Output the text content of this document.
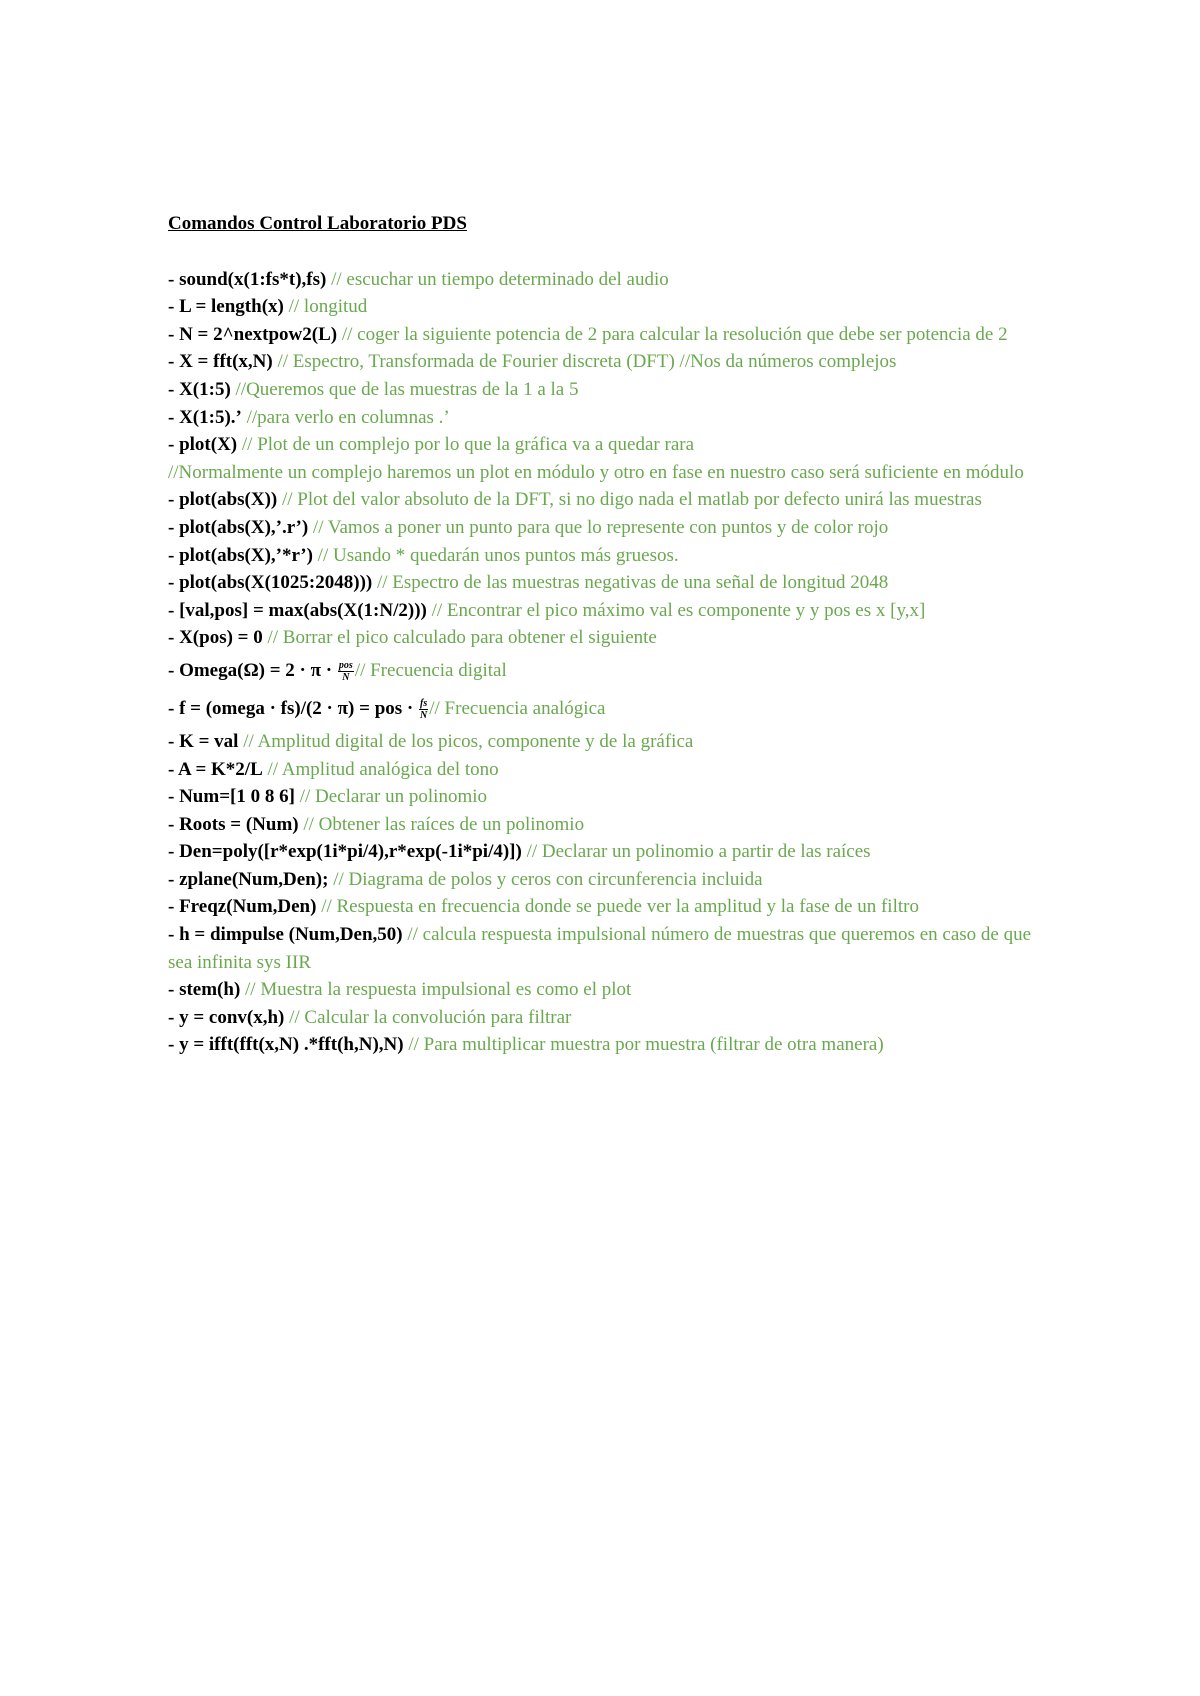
Comandos Control Laboratorio PDS
- sound(x(1:fs*t),fs) // escuchar un tiempo determinado del audio
- L = length(x) // longitud
- N = 2^nextpow2(L) // coger la siguiente potencia de 2 para calcular la resolución que debe ser potencia de 2
- X = fft(x,N) // Espectro, Transformada de Fourier discreta (DFT) //Nos da números complejos
- X(1:5) //Queremos que de las muestras de la 1 a la 5
- X(1:5).’ //para verlo en columnas .’
- plot(X) // Plot de un complejo por lo que la gráfica va a quedar rara
//Normalmente un complejo haremos un plot en módulo y otro en fase en nuestro caso será suficiente en módulo
- plot(abs(X)) // Plot del valor absoluto de la DFT, si no digo nada el matlab por defecto unirá las muestras
- plot(abs(X),’.r’) // Vamos a poner un punto para que lo represente con puntos y de color rojo
- plot(abs(X),’*r’) // Usando * quedarán unos puntos más gruesos.
- plot(abs(X(1025:2048))) // Espectro de las muestras negativas de una señal de longitud 2048
- [val,pos] = max(abs(X(1:N/2))) // Encontrar el pico máximo val es componente y y pos es x [y,x]
- X(pos) = 0 // Borrar el pico calculado para obtener el siguiente
- Omega(Ω) = $2 \cdot \pi \cdot \frac{\text{pos}}{N}$ // Frecuencia digital
- f = (omega · fs)/(2 · π) = pos · $\frac{fs}{N}$ // Frecuencia analógica
- K = val // Amplitud digital de los picos, componente y de la gráfica
- A = K*2/L // Amplitud analógica del tono
- Num=[1 0 8 6] // Declarar un polinomio
- Roots = (Num) // Obtener las raíces de un polinomio
- Den=poly([r*exp(1i*pi/4),r*exp(-1i*pi/4)]) // Declarar un polinomio a partir de las raíces
- zplane(Num,Den); // Diagrama de polos y ceros con circunferencia incluida
- Freqz(Num,Den) // Respuesta en frecuencia donde se puede ver la amplitud y la fase de un filtro
- h = dimpulse (Num,Den,50) // calcula respuesta impulsional número de muestras que queremos en caso de que sea infinita sys IIR
- stem(h) // Muestra la respuesta impulsional es como el plot
- y = conv(x,h) // Calcular la convolución para filtrar
- y = ifft(fft(x,N) .*fft(h,N),N) // Para multiplicar muestra por muestra (filtrar de otra manera)
